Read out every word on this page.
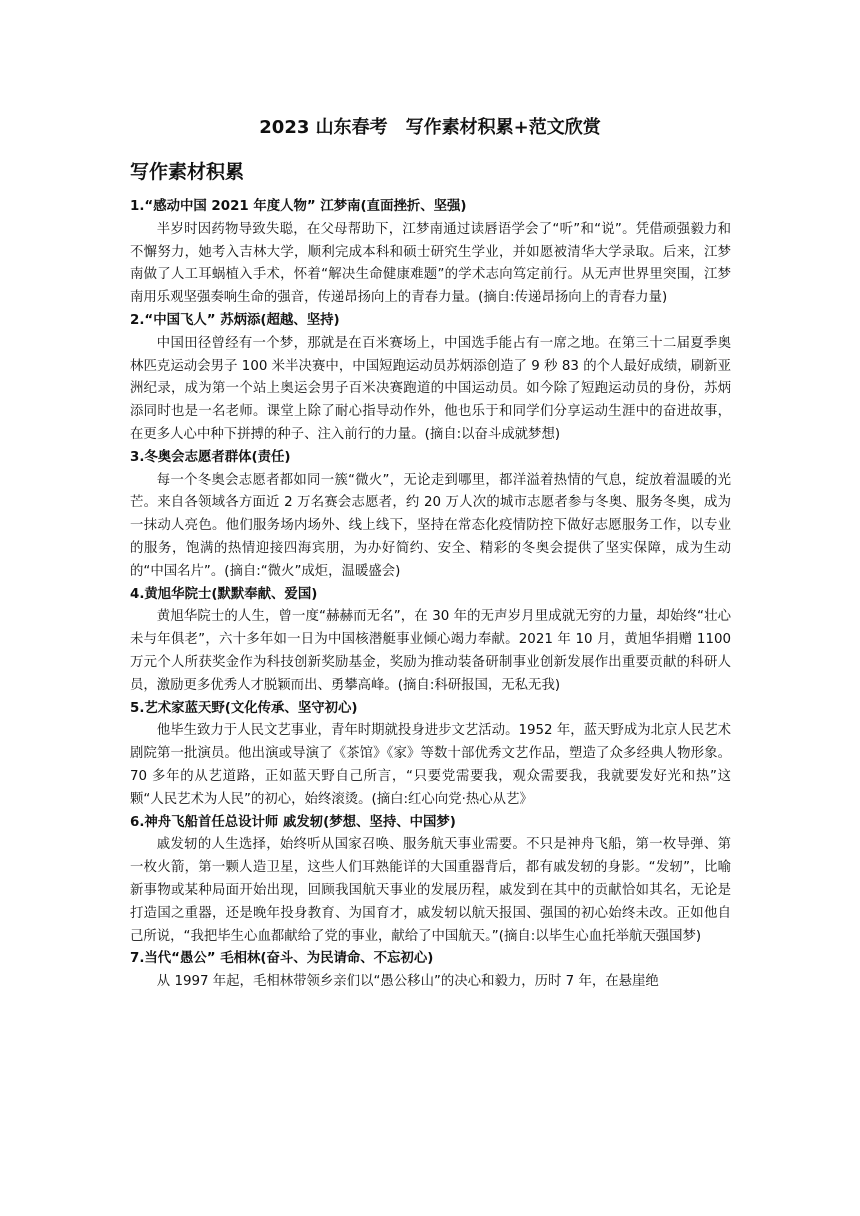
2023 山东春考　写作素材积累+范文欣赏
写作素材积累
1.“感动中国 2021 年度人物” 江梦南(直面挫折、坚强)
半岁时因药物导致失聪，在父母帮助下，江梦南通过读唇语学会了“听”和“说”。凭借顽强毅力和不懈努力，她考入吉林大学，顺利完成本科和硕士研究生学业，并如愿被清华大学录取。后来，江梦南做了人工耳蜗植入手术，怀着“解决生命健康难题”的学术志向笃定前行。从无声世界里突围，江梦南用乐观坚强奏响生命的强音，传递昂扬向上的青春力量。(摘自:传递昂扬向上的青春力量)
2.“中国飞人” 苏炳添(超越、坚持)
中国田径曾经有一个梦，那就是在百米赛场上，中国选手能占有一席之地。在第三十二届夏季奥林匹克运动会男子 100 米半决赛中，中国短跑运动员苏炳添创造了 9 秒 83 的个人最好成绩，刷新亚洲纪录，成为第一个站上奥运会男子百米决赛跑道的中国运动员。如今除了短跑运动员的身份，苏炳添同时也是一名老师。课堂上除了耐心指导动作外，他也乐于和同学们分享运动生涯中的奋进故事，在更多人心中种下拼搏的种子、注入前行的力量。(摘自:以奋斗成就梦想)
3.冬奥会志愿者群体(责任)
每一个冬奥会志愿者都如同一簇“微火”，无论走到哪里，都洋溢着热情的气息，绽放着温暖的光芒。来自各领域各方面近 2 万名赛会志愿者，约 20 万人次的城市志愿者参与冬奥、服务冬奥，成为一抹动人亮色。他们服务场内场外、线上线下，坚持在常态化疫情防控下做好志愿服务工作，以专业的服务，饱满的热情迎接四海宾朋，为办好简约、安全、精彩的冬奥会提供了坚实保障，成为生动的“中国名片”。(摘自:“微火”成炬，温暖盛会)
4.黄旭华院士(默默奉献、爱国)
黄旭华院士的人生，曾一度“赫赫而无名”，在 30 年的无声岁月里成就无穷的力量，却始终“壮心未与年俱老”，六十多年如一日为中国核潜艇事业倾心竭力奉献。2021 年 10 月，黄旭华捐赠 1100 万元个人所获奖金作为科技创新奖励基金，奖励为推动装备研制事业创新发展作出重要贡献的科研人员，激励更多优秀人才脱颖而出、勇攀高峰。(摘自:科研报国，无私无我)
5.艺术家蓝天野(文化传承、坚守初心)
他毕生致力于人民文艺事业，青年时期就投身进步文艺活动。1952 年，蓝天野成为北京人民艺术剧院第一批演员。他出演或导演了《茶馆》《家》等数十部优秀文艺作品，塑造了众多经典人物形象。70 多年的从艺道路，正如蓝天野自己所言，“只要党需要我，观众需要我，我就要发好光和热”这颗“人民艺术为人民”的初心，始终滚烫。(摘白:红心向党·热心从艺》
6.神舟飞船首任总设计师 戚发轫(梦想、坚持、中国梦)
戚发轫的人生选择，始终听从国家召唤、服务航天事业需要。不只是神舟飞船，第一枚导弹、第一枚火箭，第一颗人造卫星，这些人们耳熟能详的大国重器背后，都有戚发轫的身影。“发轫”，比喻新事物或某种局面开始出现，回顾我国航天事业的发展历程，戚发到在其中的贡献恰如其名，无论是打造国之重器，还是晚年投身教育、为国育才，戚发轫以航天报国、强国的初心始终未改。正如他自己所说，“我把毕生心血都献给了党的事业，献给了中国航天。”(摘自:以毕生心血托举航天强国梦)
7.当代“愚公” 毛相林(奋斗、为民请命、不忘初心)
从 1997 年起，毛相林带领乡亲们以“愚公移山”的决心和毅力，历时 7 年，在悬崖绝
